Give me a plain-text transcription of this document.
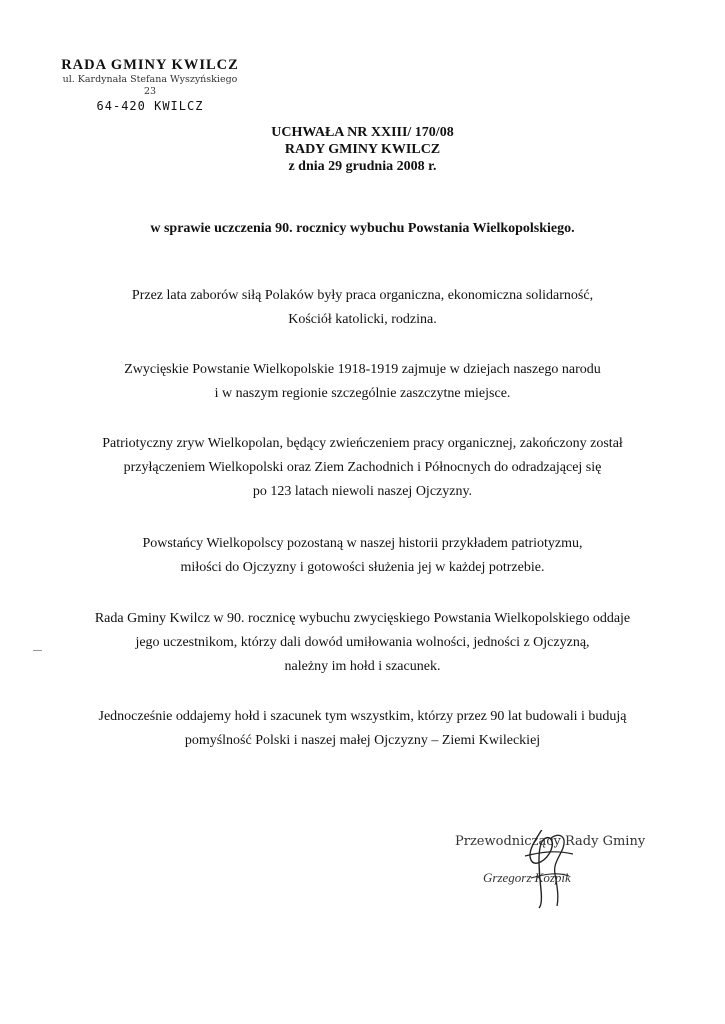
RADA GMINY KWILCZ
ul. Kardynała Stefana Wyszyńskiego 23
64-420 KWILCZ
UCHWAŁA NR XXIII/ 170/08
RADY GMINY KWILCZ
z dnia 29 grudnia 2008 r.
w sprawie uczczenia 90. rocznicy wybuchu Powstania Wielkopolskiego.
Przez lata zaborów siłą Polaków były praca organiczna, ekonomiczna solidarność,
Kościół katolicki, rodzina.
Zwycięskie Powstanie Wielkopolskie 1918-1919 zajmuje w dziejach naszego narodu
i w naszym regionie szczególnie zaszczytne miejsce.
Patriotyczny zryw Wielkopolan, będący zwieńczeniem pracy organicznej, zakończony został
przyłączeniem Wielkopolski oraz Ziem Zachodnich i Północnych do odradzającej się
po 123 latach niewoli naszej Ojczyzny.
Powstańcy Wielkopolscy pozostaną w naszej historii przykładem patriotyzmu,
miłości do Ojczyzny i gotowości służenia jej w każdej potrzebie.
Rada Gminy Kwilcz w 90. rocznicę wybuchu zwycięskiego Powstania Wielkopolskiego oddaje
jego uczestnikom, którzy dali dowód umiłowania wolności, jedności z Ojczyzną,
należny im hołd i szacunek.
Jednocześnie oddajemy hołd i szacunek tym wszystkim, którzy przez 90 lat budowali i budują
pomyślność Polski i naszej małej Ojczyzny – Ziemi Kwileckiej
Przewodniczący Rady Gminy
Grzegorz Kozpik
